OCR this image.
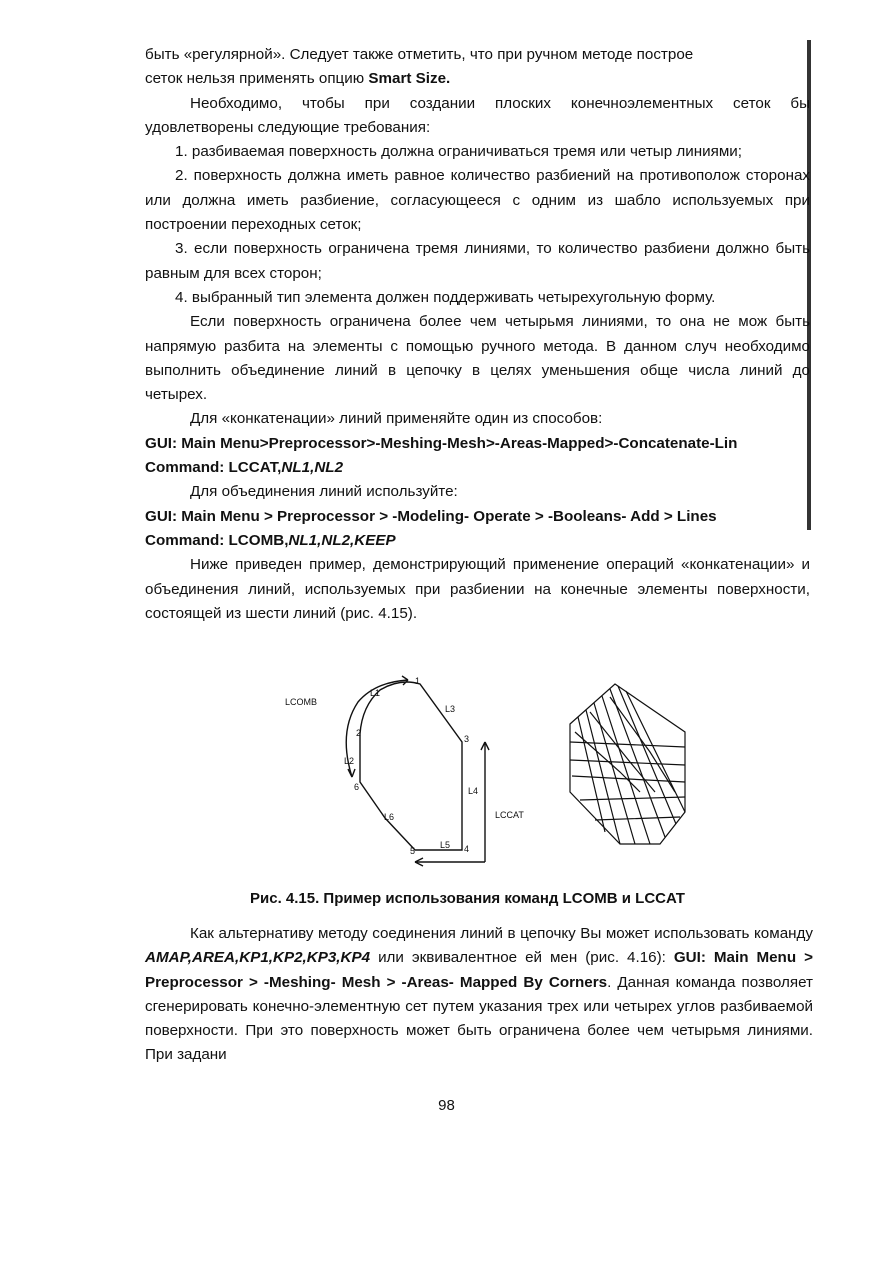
быть «регулярной». Следует также отметить, что при ручном методе построе
сеток нельзя применять опцию Smart Size.

Необходимо, чтобы при создании плоских конечноэлементных сеток бы удовлетворены следующие требования:

1. разбиваемая поверхность должна ограничиваться тремя или четыр линиями;

2. поверхность должна иметь равное количество разбиений на противополож сторонах или должна иметь разбиение, согласующееся с одним из шабло используемых при построении переходных сеток;

3. если поверхность ограничена тремя линиями, то количество разбиени должно быть равным для всех сторон;

4. выбранный тип элемента должен поддерживать четырехугольную форму.

Если поверхность ограничена более чем четырьмя линиями, то она не мож быть напрямую разбита на элементы с помощью ручного метода. В данном случ необходимо выполнить объединение линий в цепочку в целях уменьшения обще числа линий до четырех.

Для «конкатенации» линий применяйте один из способов:

GUI: Main Menu>Preprocessor>-Meshing-Mesh>-Areas-Mapped>-Concatenate-Lin

Command: LCCAT,NL1,NL2

Для объединения линий используйте:

GUI: Main Menu > Preprocessor > -Modeling- Operate > -Booleans- Add > Lines

Command: LCOMB,NL1,NL2,KEEP

Ниже приведен пример, демонстрирующий применение операций «конкатенации» и объединения линий, используемых при разбиении на конечные элементы поверхности, состоящей из шести линий (рис. 4.15).

LCOMB
LCCAT
L1
L2
L3
L4
L5
L6
1
2
3
4
5
6
Рис. 4.15. Пример использования команд LCOMB и LCCAT

Как альтернативу методу соединения линий в цепочку Вы может использовать команду AMAP,AREA,KP1,KP2,KP3,KP4 или эквивалентное ей мен (рис. 4.16): GUI: Main Menu > Preprocessor > -Meshing- Mesh > -Areas- Mapped By Corners. Данная команда позволяет сгенерировать конечно-элементную сет путем указания трех или четырех углов разбиваемой поверхности. При это поверхность может быть ограничена более чем четырьмя линиями. При задани

98
